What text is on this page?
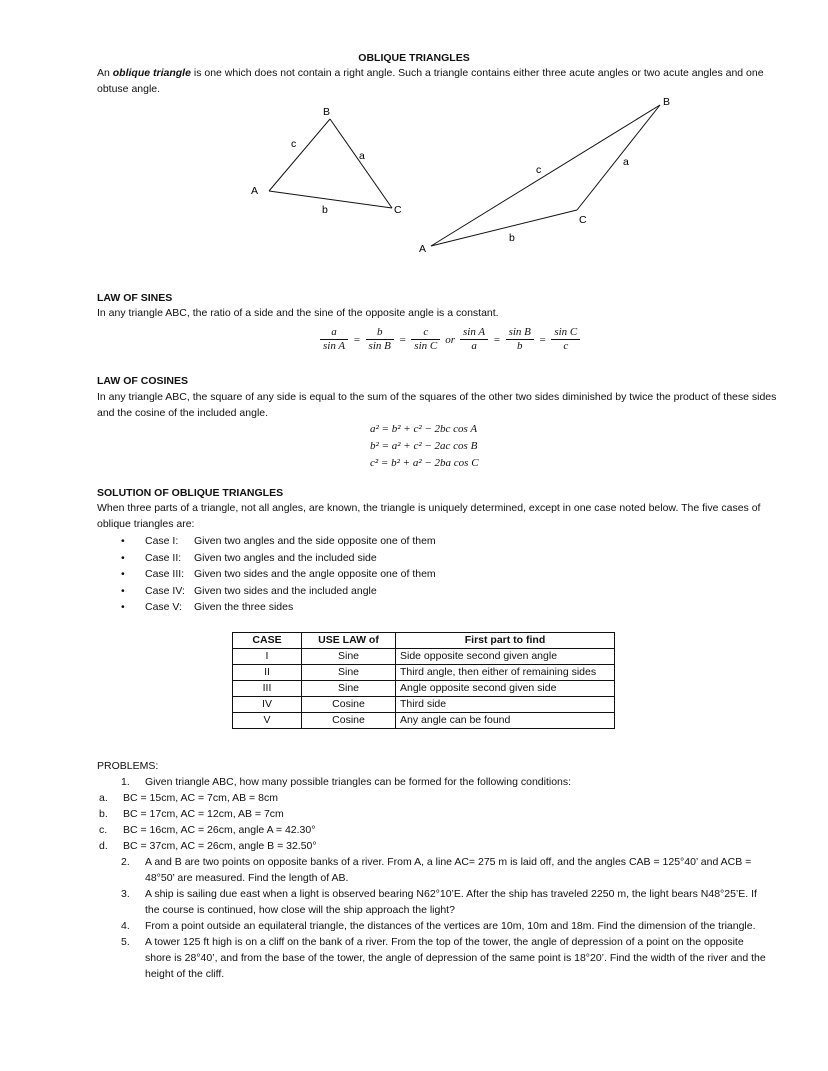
OBLIQUE TRIANGLES
An oblique triangle is one which does not contain a right angle. Such a triangle contains either three acute angles or two acute angles and one obtuse angle.
B
C
A
a
b
c
B
C
A
a
b
c
LAW OF SINES
In any triangle ABC, the ratio of a side and the sine of the opposite angle is a constant.
$\frac{a}{\text{sin A}} = \frac{b}{\text{sin B}} = \frac{c}{\text{sin C}}$ or $\frac{\text{sin A}}{a} = \frac{\text{sin B}}{b} = \frac{\text{sin C}}{c}$
LAW OF COSINES
In any triangle ABC, the square of any side is equal to the sum of the squares of the other two sides diminished by twice the product of these sides and the cosine of the included angle.
a² = b² + c² − 2bc cos A
b² = a² + c² − 2ac cos B
c² = b² + a² − 2ba cos C
SOLUTION OF OBLIQUE TRIANGLES
When three parts of a triangle, not all angles, are known, the triangle is uniquely determined, except in one case noted below. The five cases of oblique triangles are:
• Case I: Given two angles and the side opposite one of them
• Case II: Given two angles and the included side
• Case III: Given two sides and the angle opposite one of them
• Case IV: Given two sides and the included angle
• Case V: Given the three sides
CASE	USE LAW of	First part to find
I	Sine	Side opposite second given angle
II	Sine	Third angle, then either of remaining sides
III	Sine	Angle opposite second given side
IV	Cosine	Third side
V	Cosine	Any angle can be found
PROBLEMS:
1. Given triangle ABC, how many possible triangles can be formed for the following conditions:
a. BC = 15cm, AC = 7cm, AB = 8cm
b. BC = 17cm, AC = 12cm, AB = 7cm
c. BC = 16cm, AC = 26cm, angle A = 42.30°
d. BC = 37cm, AC = 26cm, angle B = 32.50°
2. A and B are two points on opposite banks of a river. From A, a line AC= 275 m is laid off, and the angles CAB = 125°40’ and ACB = 48°50’ are measured. Find the length of AB.
3. A ship is sailing due east when a light is observed bearing N62°10’E. After the ship has traveled 2250 m, the light bears N48°25’E. If the course is continued, how close will the ship approach the light?
4. From a point outside an equilateral triangle, the distances of the vertices are 10m, 10m and 18m. Find the dimension of the triangle.
5. A tower 125 ft high is on a cliff on the bank of a river. From the top of the tower, the angle of depression of a point on the opposite shore is 28°40’, and from the base of the tower, the angle of depression of the same point is 18°20’. Find the width of the river and the height of the cliff.
